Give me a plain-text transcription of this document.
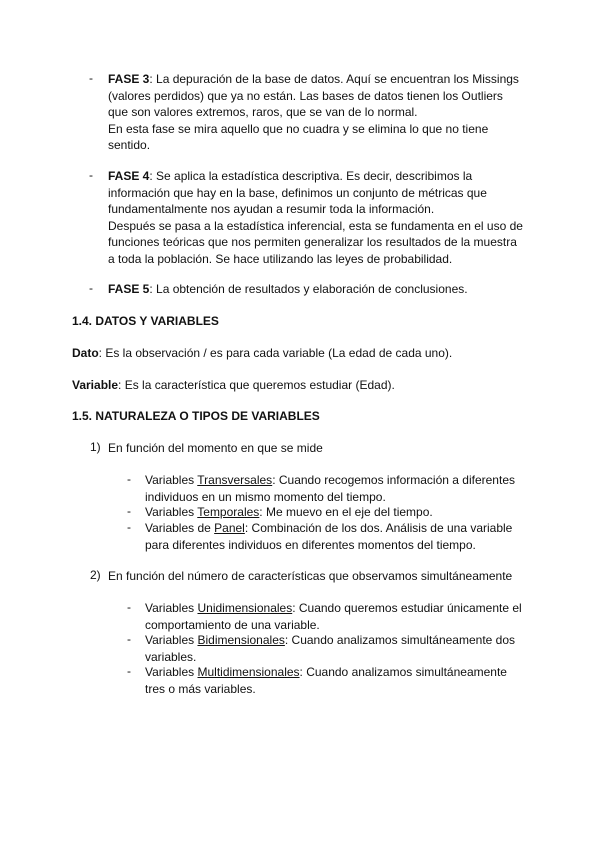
- FASE 3: La depuración de la base de datos. Aquí se encuentran los Missings
(valores perdidos) que ya no están. Las bases de datos tienen los Outliers
que son valores extremos, raros, que se van de lo normal.
En esta fase se mira aquello que no cuadra y se elimina lo que no tiene
sentido.
- FASE 4: Se aplica la estadística descriptiva. Es decir, describimos la
información que hay en la base, definimos un conjunto de métricas que
fundamentalmente nos ayudan a resumir toda la información.
Después se pasa a la estadística inferencial, esta se fundamenta en el uso de
funciones teóricas que nos permiten generalizar los resultados de la muestra
a toda la población. Se hace utilizando las leyes de probabilidad.
- FASE 5: La obtención de resultados y elaboración de conclusiones.
1.4. DATOS Y VARIABLES
Dato: Es la observación / es para cada variable (La edad de cada uno).
Variable: Es la característica que queremos estudiar (Edad).
1.5. NATURALEZA O TIPOS DE VARIABLES
1) En función del momento en que se mide
- Variables Transversales: Cuando recogemos información a diferentes
individuos en un mismo momento del tiempo.
- Variables Temporales: Me muevo en el eje del tiempo.
- Variables de Panel: Combinación de los dos. Análisis de una variable
para diferentes individuos en diferentes momentos del tiempo.
2) En función del número de características que observamos simultáneamente
- Variables Unidimensionales: Cuando queremos estudiar únicamente el
comportamiento de una variable.
- Variables Bidimensionales: Cuando analizamos simultáneamente dos
variables.
- Variables Multidimensionales: Cuando analizamos simultáneamente
tres o más variables.
